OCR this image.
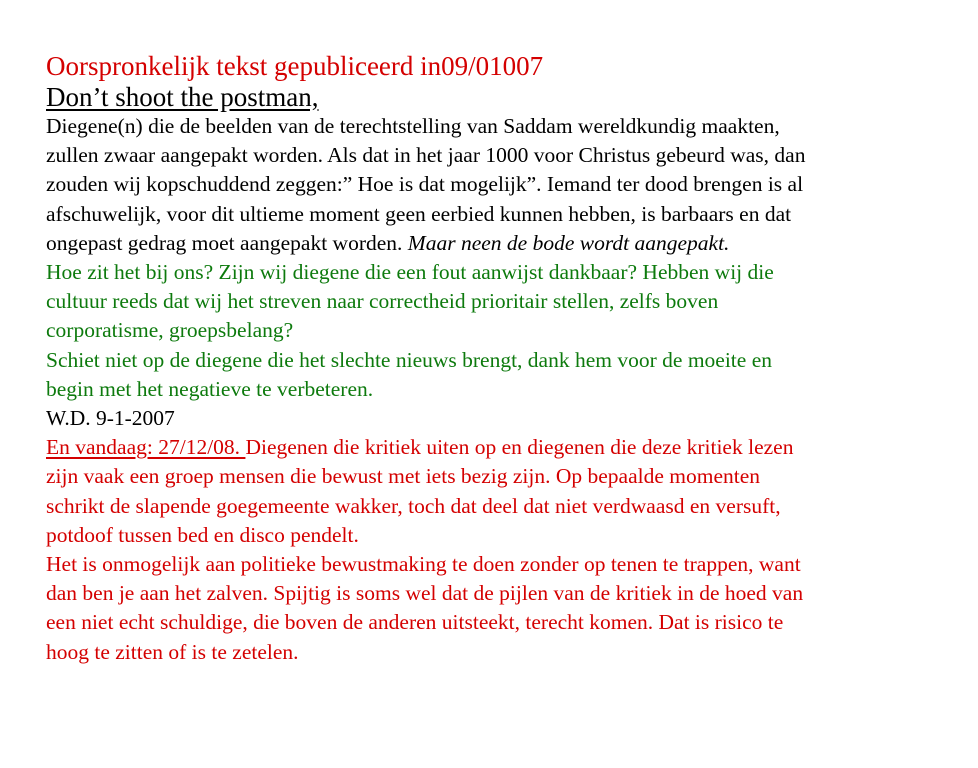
Oorspronkelijk tekst gepubliceerd in09/01007
Don’t shoot the postman,
Diegene(n) die de beelden van de terechtstelling van Saddam wereldkundig maakten,
zullen zwaar aangepakt worden. Als dat in het jaar 1000 voor Christus gebeurd was, dan
zouden wij kopschuddend zeggen:” Hoe is dat mogelijk”. Iemand ter dood brengen is al
afschuwelijk, voor dit ultieme moment geen eerbied kunnen hebben, is barbaars en dat
ongepast gedrag moet aangepakt worden. Maar neen de bode wordt aangepakt.
Hoe zit het bij ons? Zijn wij diegene die een fout aanwijst dankbaar? Hebben wij die
cultuur reeds dat wij het streven naar correctheid prioritair stellen, zelfs boven
corporatisme, groepsbelang?
Schiet niet op de diegene die het slechte nieuws brengt, dank hem voor de moeite en
begin met het negatieve te verbeteren.
W.D. 9-1-2007
En vandaag: 27/12/08. Diegenen die kritiek uiten op en diegenen die deze kritiek lezen
zijn vaak een groep mensen die bewust met iets bezig zijn. Op bepaalde momenten
schrikt de slapende goegemeente wakker, toch dat deel dat niet verdwaasd en versuft,
potdoof tussen bed en disco pendelt.
Het is onmogelijk aan politieke bewustmaking te doen zonder op tenen te trappen, want
dan ben je aan het zalven. Spijtig is soms wel dat de pijlen van de kritiek in de hoed van
een niet echt schuldige, die boven de anderen uitsteekt, terecht komen. Dat is risico te
hoog te zitten of is te zetelen.
